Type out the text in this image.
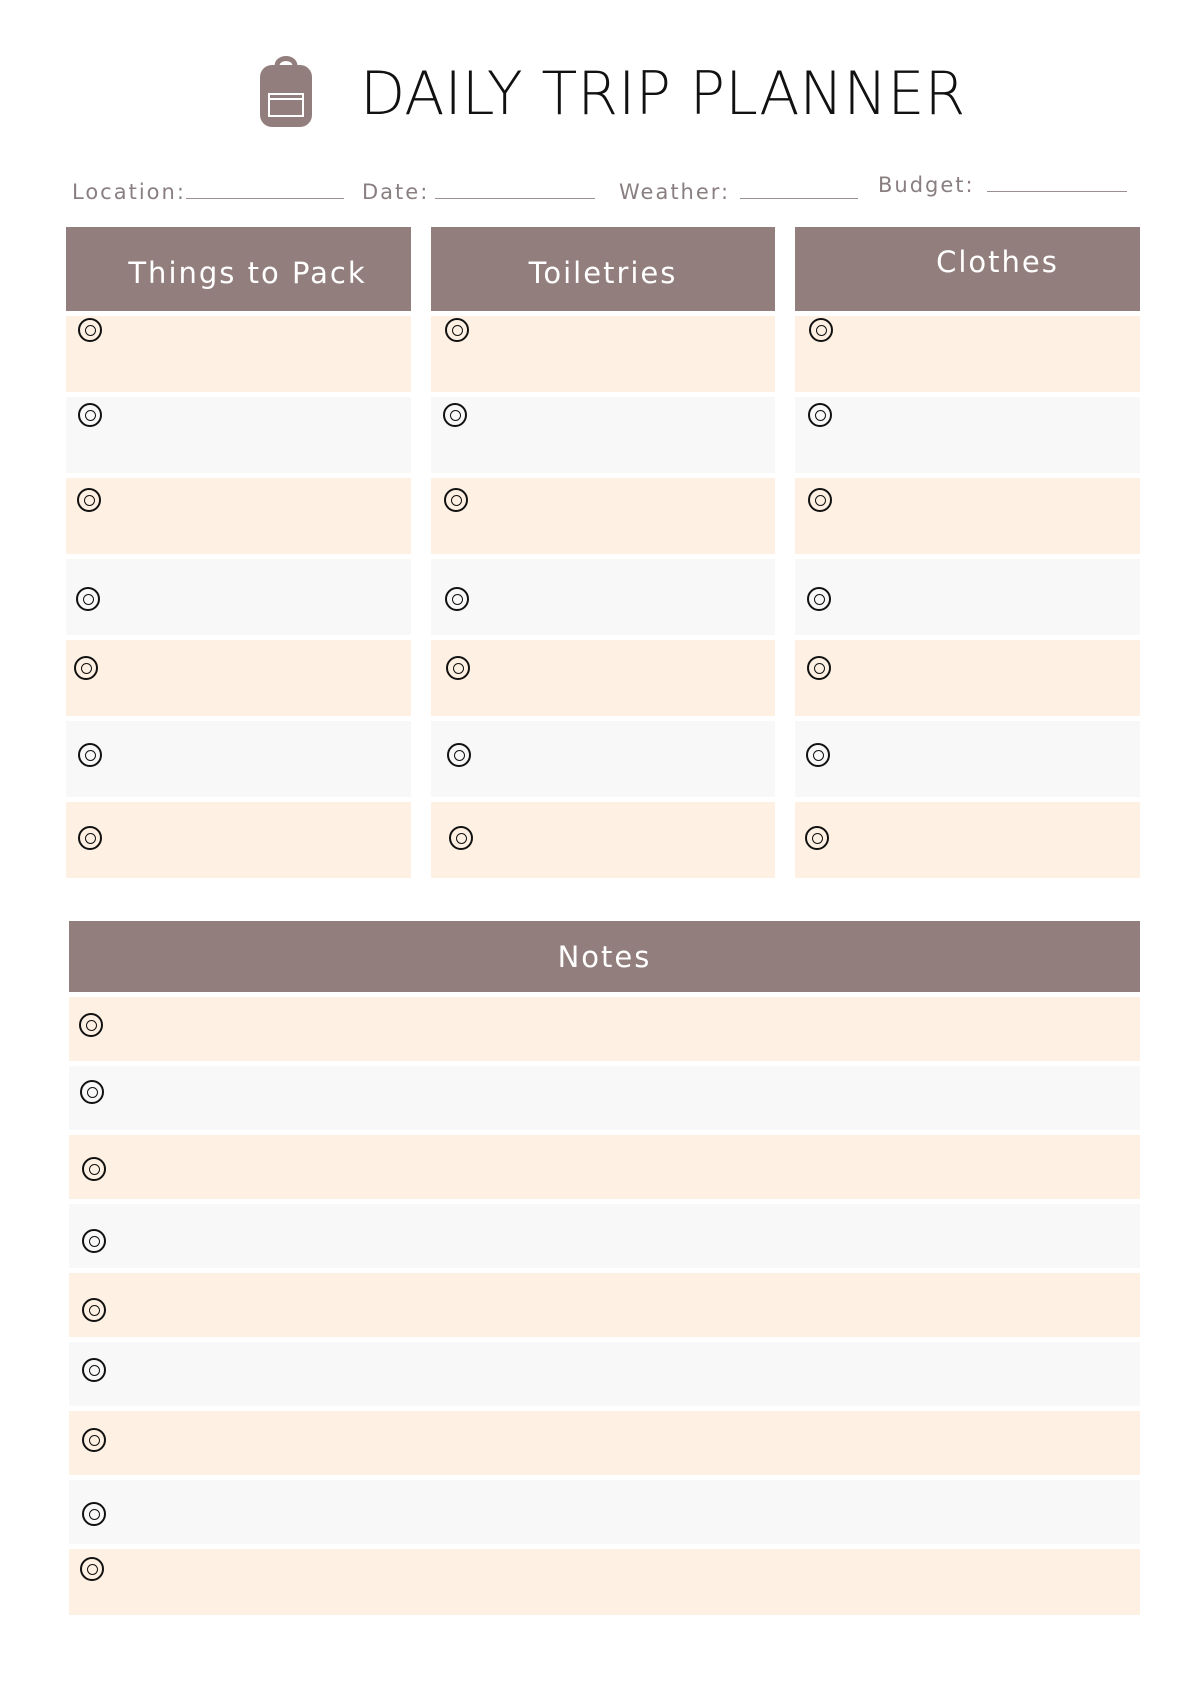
DAILY TRIP PLANNER
Location:	Date:	Weather:	Budget:
Things to Pack	Toiletries	Clothes
Notes
